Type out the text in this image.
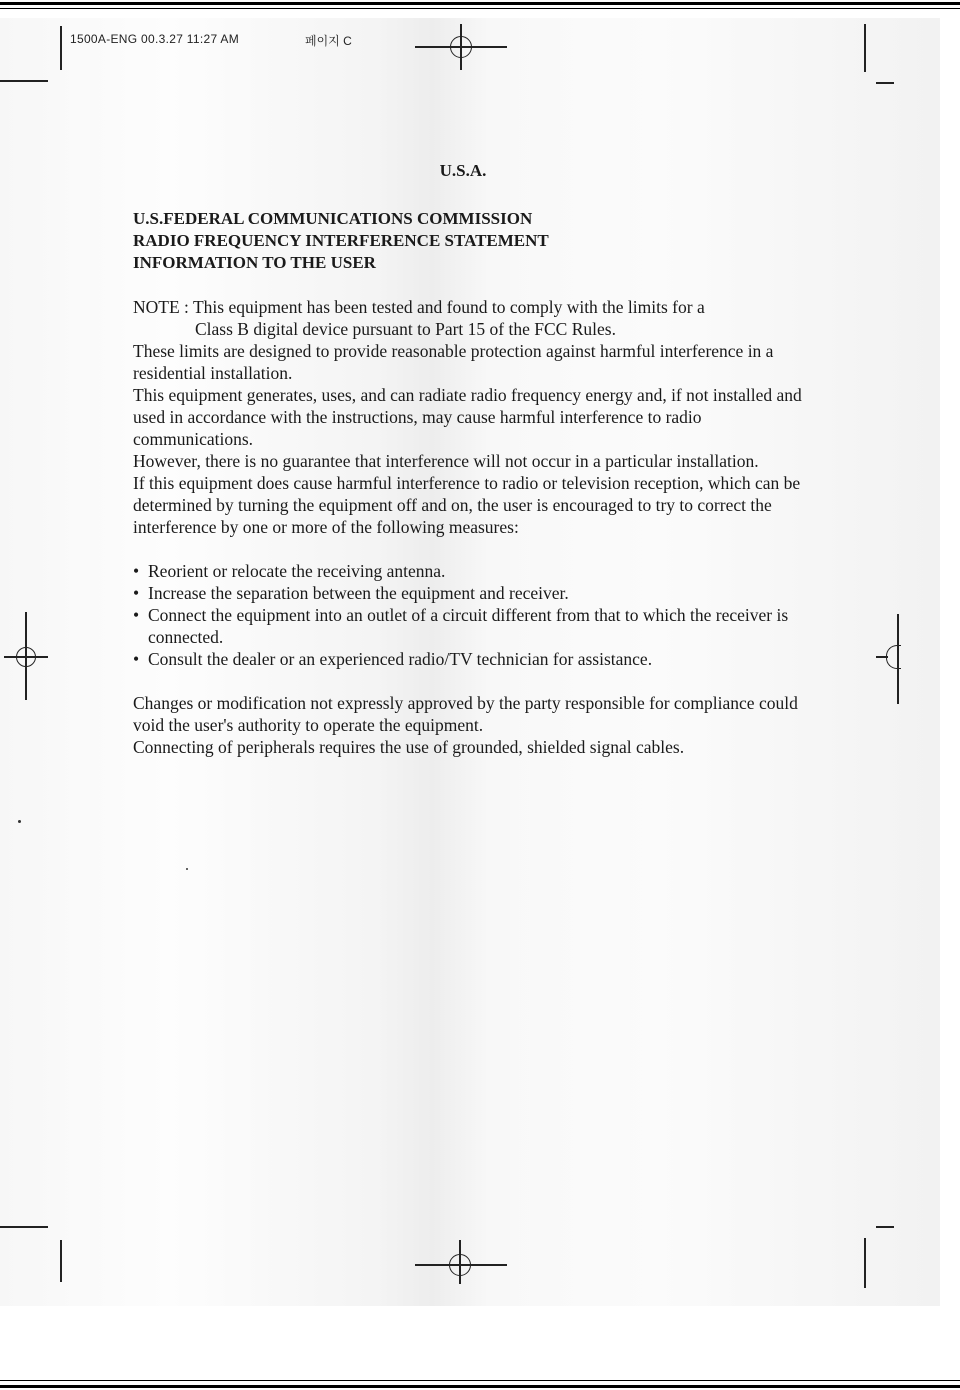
1500A-ENG 00.3.27 11:27 AM	페이지 C

U.S.A.

U.S.FEDERAL COMMUNICATIONS COMMISSION

RADIO FREQUENCY INTERFERENCE STATEMENT

INFORMATION TO THE USER

NOTE : This equipment has been tested and found to comply with the limits for a

Class B digital device pursuant to Part 15 of the FCC Rules.

These limits are designed to provide reasonable protection against harmful interference in a residential installation.

This equipment generates, uses, and can radiate radio frequency energy and, if not installed and used in accordance with the instructions, may cause harmful interference to radio communications.

However, there is no guarantee that interference will not occur in a particular installation.

If this equipment does cause harmful interference to radio or television reception, which can be determined by turning the equipment off and on, the user is encouraged to try to correct the interference by one or more of the following measures:

• Reorient or relocate the receiving antenna.
• Increase the separation between the equipment and receiver.
• Connect the equipment into an outlet of a circuit different from that to which the receiver is connected.
• Consult the dealer or an experienced radio/TV technician for assistance.

Changes or modification not expressly approved by the party responsible for compliance could void the user's authority to operate the equipment.

Connecting of peripherals requires the use of grounded, shielded signal cables.
